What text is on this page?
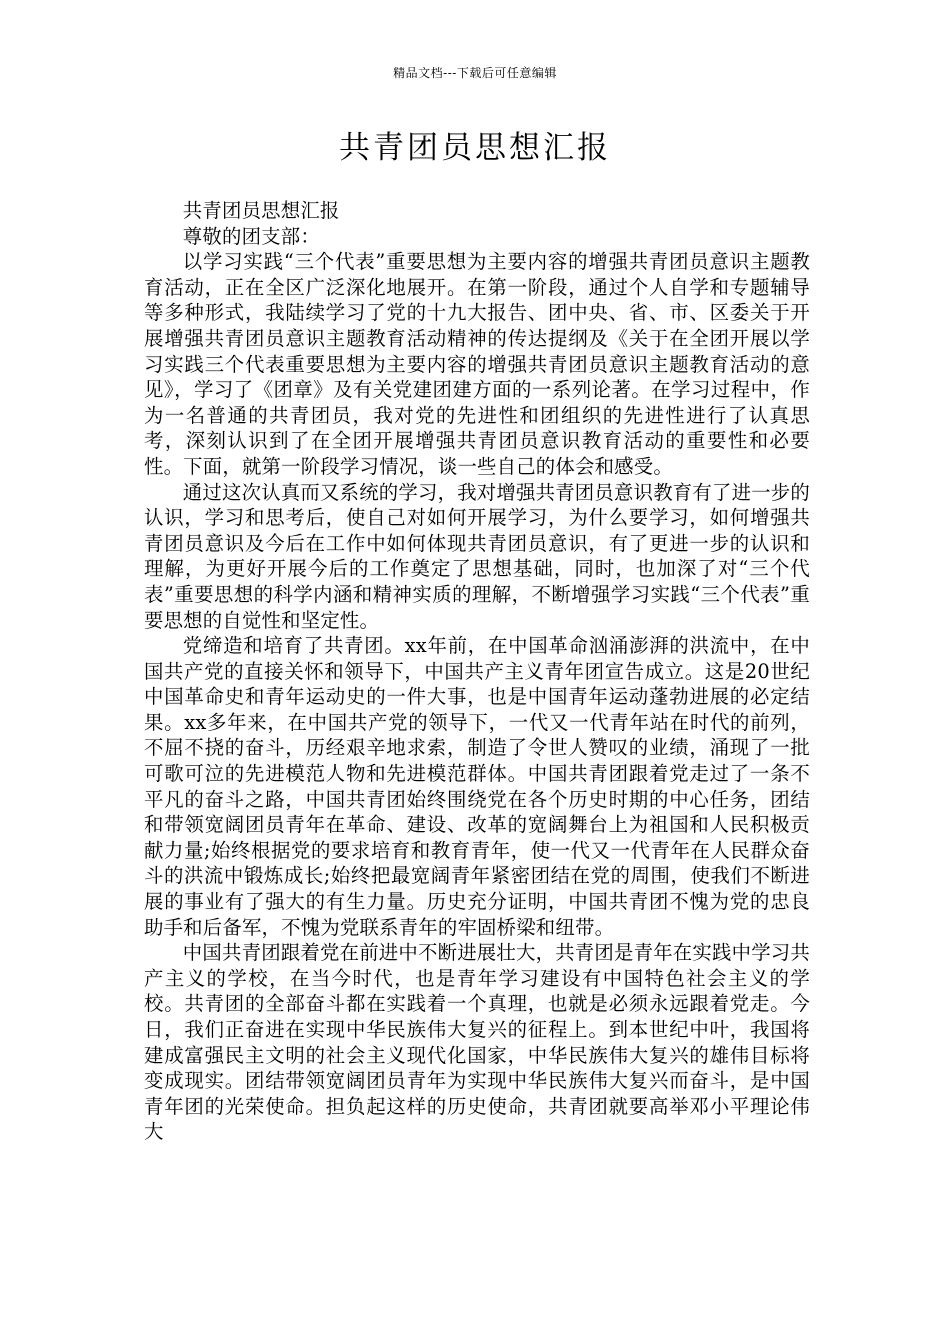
精品文档---下载后可任意编辑
共青团员思想汇报

共青团员思想汇报

尊敬的团支部：

以学习实践“三个代表”重要思想为主要内容的增强共青团员意识主题教育活动，正在全区广泛深化地展开。在第一阶段，通过个人自学和专题辅导等多种形式，我陆续学习了党的十九大报告、团中央、省、市、区委关于开展增强共青团员意识主题教育活动精神的传达提纲及《关于在全团开展以学习实践三个代表重要思想为主要内容的增强共青团员意识主题教育活动的意见》，学习了《团章》及有关党建团建方面的一系列论著。在学习过程中，作为一名普通的共青团员，我对党的先进性和团组织的先进性进行了认真思考，深刻认识到了在全团开展增强共青团员意识教育活动的重要性和必要性。下面，就第一阶段学习情况，谈一些自己的体会和感受。

通过这次认真而又系统的学习，我对增强共青团员意识教育有了进一步的认识，学习和思考后，使自己对如何开展学习，为什么要学习，如何增强共青团员意识及今后在工作中如何体现共青团员意识，有了更进一步的认识和理解，为更好开展今后的工作奠定了思想基础，同时，也加深了对“三个代表”重要思想的科学内涵和精神实质的理解，不断增强学习实践“三个代表”重要思想的自觉性和坚定性。

党缔造和培育了共青团。xx年前，在中国革命汹涌澎湃的洪流中，在中国共产党的直接关怀和领导下，中国共产主义青年团宣告成立。这是20世纪中国革命史和青年运动史的一件大事，也是中国青年运动蓬勃进展的必定结果。xx多年来，在中国共产党的领导下，一代又一代青年站在时代的前列，不屈不挠的奋斗，历经艰辛地求索，制造了令世人赞叹的业绩，涌现了一批可歌可泣的先进模范人物和先进模范群体。中国共青团跟着党走过了一条不平凡的奋斗之路，中国共青团始终围绕党在各个历史时期的中心任务，团结和带领宽阔团员青年在革命、建设、改革的宽阔舞台上为祖国和人民积极贡献力量;始终根据党的要求培育和教育青年，使一代又一代青年在人民群众奋斗的洪流中锻炼成长;始终把最宽阔青年紧密团结在党的周围，使我们不断进展的事业有了强大的有生力量。历史充分证明，中国共青团不愧为党的忠良助手和后备军，不愧为党联系青年的牢固桥梁和纽带。

中国共青团跟着党在前进中不断进展壮大，共青团是青年在实践中学习共产主义的学校，在当今时代，也是青年学习建设有中国特色社会主义的学校。共青团的全部奋斗都在实践着一个真理，也就是必须永远跟着党走。今日，我们正奋进在实现中华民族伟大复兴的征程上。到本世纪中叶，我国将建成富强民主文明的社会主义现代化国家，中华民族伟大复兴的雄伟目标将变成现实。团结带领宽阔团员青年为实现中华民族伟大复兴而奋斗，是中国青年团的光荣使命。担负起这样的历史使命，共青团就要高举邓小平理论伟大
